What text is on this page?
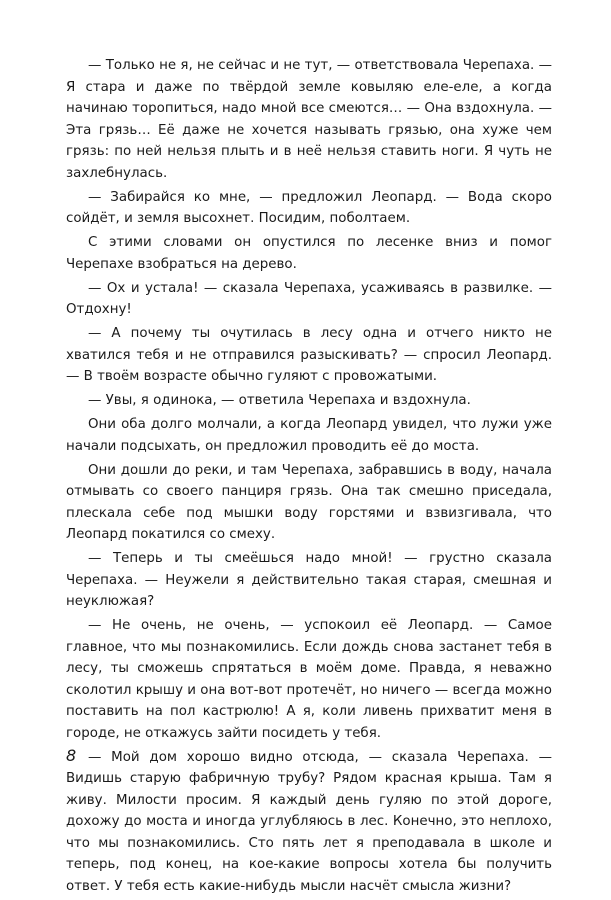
— Только не я, не сейчас и не тут, — ответствовала Черепаха. — Я стара и даже по твёрдой земле ковыляю еле-еле, а когда начинаю торопиться, надо мной все смеются… — Она вздохнула. — Эта грязь… Её даже не хочется называть грязью, она хуже чем грязь: по ней нельзя плыть и в неё нельзя ставить ноги. Я чуть не захлебнулась.

— Забирайся ко мне, — предложил Леопард. — Вода скоро сойдёт, и земля высохнет. Посидим, поболтаем.

С этими словами он опустился по лесенке вниз и помог Черепахе взобраться на дерево.

— Ох и устала! — сказала Черепаха, усаживаясь в развилке. — Отдохну!

— А почему ты очутилась в лесу одна и отчего никто не хватился тебя и не отправился разыскивать? — спросил Леопард. — В твоём возрасте обычно гуляют с провожатыми.

— Увы, я одинока, — ответила Черепаха и вздохнула.

Они оба долго молчали, а когда Леопард увидел, что лужи уже начали подсыхать, он предложил проводить её до моста.

Они дошли до реки, и там Черепаха, забравшись в воду, начала отмывать со своего панциря грязь. Она так смешно приседала, плескала себе под мышки воду горстями и взвизгивала, что Леопард покатился со смеху.

— Теперь и ты смеёшься надо мной! — грустно сказала Черепаха. — Неужели я действительно такая старая, смешная и неуклюжая?

— Не очень, не очень, — успокоил её Леопард. — Самое главное, что мы познакомились. Если дождь снова застанет тебя в лесу, ты сможешь спрятаться в моём доме. Правда, я неважно сколотил крышу и она вот-вот протечёт, но ничего — всегда можно поставить на пол кастрюлю! А я, коли ливень прихватит меня в городе, не откажусь зайти посидеть у тебя.

— Мой дом хорошо видно отсюда, — сказала Черепаха. — Видишь старую фабричную трубу? Рядом красная крыша. Там я живу. Милости просим. Я каждый день гуляю по этой дороге, дохожу до моста и иногда углубляюсь в лес. Конечно, это неплохо, что мы познакомились. Сто пять лет я преподавала в школе и теперь, под конец, на кое-какие вопросы хотела бы получить ответ. У тебя есть какие-нибудь мысли насчёт смысла жизни?

8
